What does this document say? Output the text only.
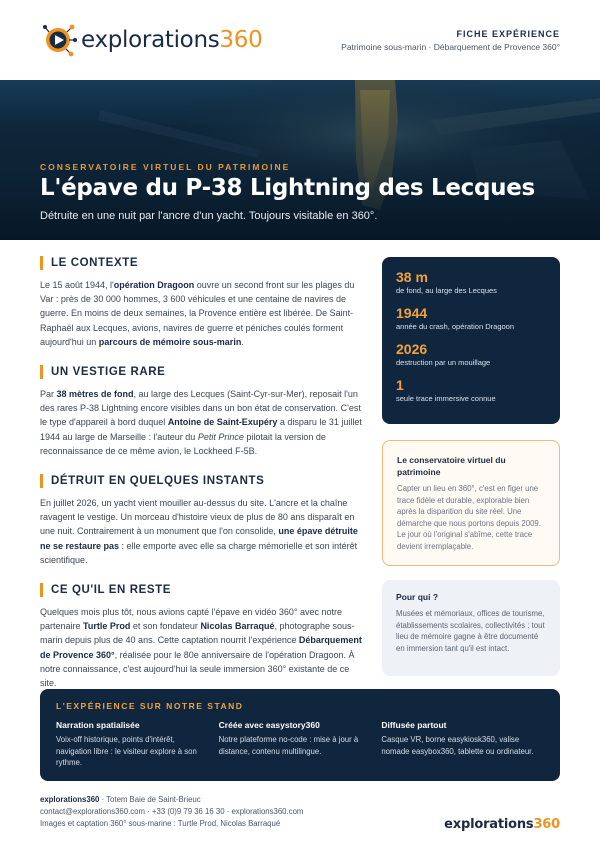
explorations360	FICHE EXPÉRIENCE
Patrimoine sous-marin · Débarquement de Provence 360°
CONSERVATOIRE VIRTUEL DU PATRIMOINE
L'épave du P-38 Lightning des Lecques
Détruite en une nuit par l'ancre d'un yacht. Toujours visitable en 360°.
LE CONTEXTE

Le 15 août 1944, l'opération Dragoon ouvre un second front sur les plages du Var : près de 30 000 hommes, 3 600 véhicules et une centaine de navires de guerre. En moins de deux semaines, la Provence entière est libérée. De Saint-Raphaël aux Lecques, avions, navires de guerre et péniches coulés forment aujourd'hui un parcours de mémoire sous-marin.

UN VESTIGE RARE

Par 38 mètres de fond, au large des Lecques (Saint-Cyr-sur-Mer), reposait l'un des rares P-38 Lightning encore visibles dans un bon état de conservation. C'est le type d'appareil à bord duquel Antoine de Saint-Exupéry a disparu le 31 juillet 1944 au large de Marseille : l'auteur du Petit Prince pilotait la version de reconnaissance de ce même avion, le Lockheed F-5B.

DÉTRUIT EN QUELQUES INSTANTS

En juillet 2026, un yacht vient mouiller au-dessus du site. L'ancre et la chaîne ravagent le vestige. Un morceau d'histoire vieux de plus de 80 ans disparaît en une nuit. Contrairement à un monument que l'on consolide, une épave détruite ne se restaure pas : elle emporte avec elle sa charge mémorielle et son intérêt scientifique.

CE QU'IL EN RESTE

Quelques mois plus tôt, nous avions capté l'épave en vidéo 360° avec notre partenaire Turtle Prod et son fondateur Nicolas Barraqué, photographe sous-marin depuis plus de 40 ans. Cette captation nourrit l'expérience Débarquement de Provence 360°, réalisée pour le 80e anniversaire de l'opération Dragoon. À notre connaissance, c'est aujourd'hui la seule immersion 360° existante de ce site.

38 m
de fond, au large des Lecques
1944
année du crash, opération Dragoon
2026
destruction par un mouillage
1
seule trace immersive connue
Le conservatoire virtuel du patrimoine
Capter un lieu en 360°, c'est en figer une trace fidèle et durable, explorable bien après la disparition du site réel. Une démarche que nous portons depuis 2009. Le jour où l'original s'abîme, cette trace devient irremplaçable.
Pour qui ?
Musées et mémoriaux, offices de tourisme, établissements scolaires, collectivités : tout lieu de mémoire gagne à être documenté en immersion tant qu'il est intact.
L'EXPÉRIENCE SUR NOTRE STAND
Narration spatialisée
Voix-off historique, points d'intérêt, navigation libre : le visiteur explore à son rythme.
Créée avec easystory360
Notre plateforme no-code : mise à jour à distance, contenu multilingue.
Diffusée partout
Casque VR, borne easykiosk360, valise nomade easybox360, tablette ou ordinateur.
explorations360 · Totem Baie de Saint-Brieuc
contact@explorations360.com · +33 (0)9 79 36 16 30 · explorations360.com
Images et captation 360° sous-marine : Turtle Prod, Nicolas Barraqué	explorations360
